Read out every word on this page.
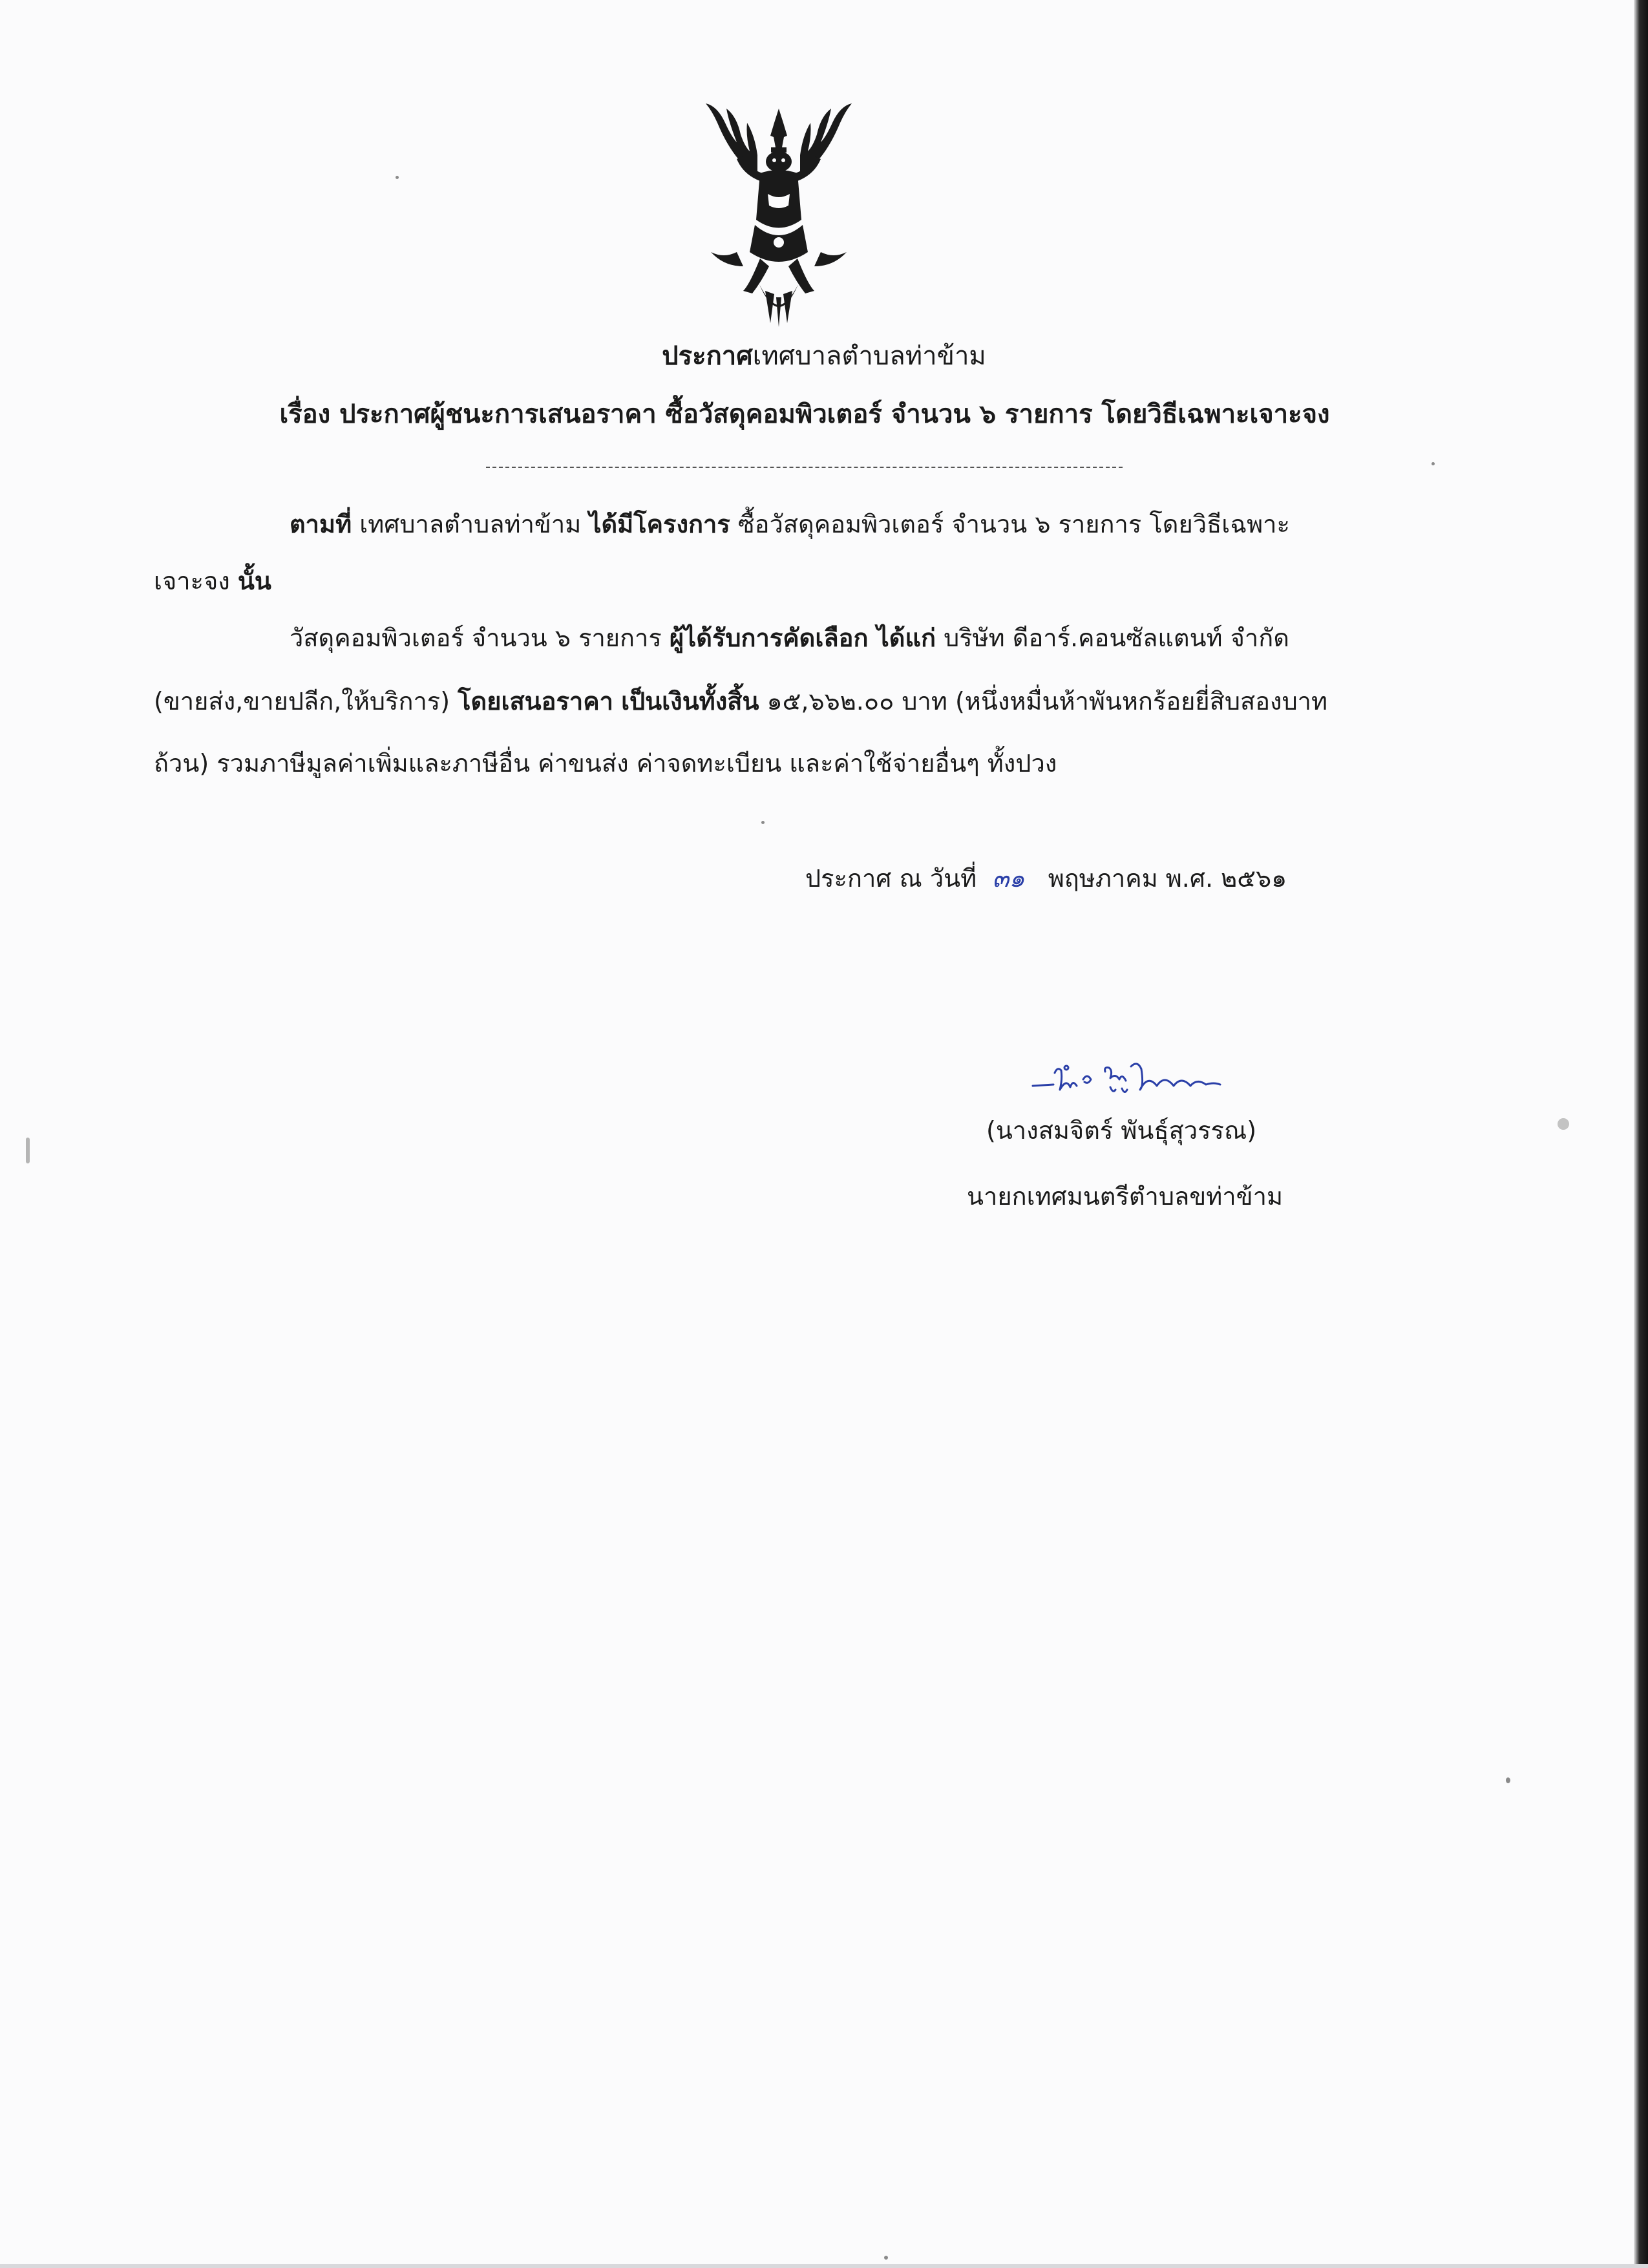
ประกาศเทศบาลตำบลท่าข้าม
เรื่อง ประกาศผู้ชนะการเสนอราคา ซื้อวัสดุคอมพิวเตอร์ จำนวน ๖ รายการ โดยวิธีเฉพาะเจาะจง
ตามที่ เทศบาลตำบลท่าข้าม ได้มีโครงการ ซื้อวัสดุคอมพิวเตอร์ จำนวน ๖ รายการ โดยวิธีเฉพาะ
เจาะจง นั้น
วัสดุคอมพิวเตอร์ จำนวน ๖ รายการ ผู้ได้รับการคัดเลือก ได้แก่ บริษัท ดีอาร์.คอนซัลแตนท์ จำกัด
(ขายส่ง,ขายปลีก,ให้บริการ) โดยเสนอราคา เป็นเงินทั้งสิ้น ๑๕,๖๖๒.๐๐ บาท (หนึ่งหมื่นห้าพันหกร้อยยี่สิบสองบาท
ถ้วน) รวมภาษีมูลค่าเพิ่มและภาษีอื่น ค่าขนส่ง ค่าจดทะเบียน และค่าใช้จ่ายอื่นๆ ทั้งปวง
ประกาศ ณ วันที่ ๓๑ พฤษภาคม พ.ศ. ๒๕๖๑
(นางสมจิตร์ พันธุ์สุวรรณ)
นายกเทศมนตรีตำบลขท่าข้าม
